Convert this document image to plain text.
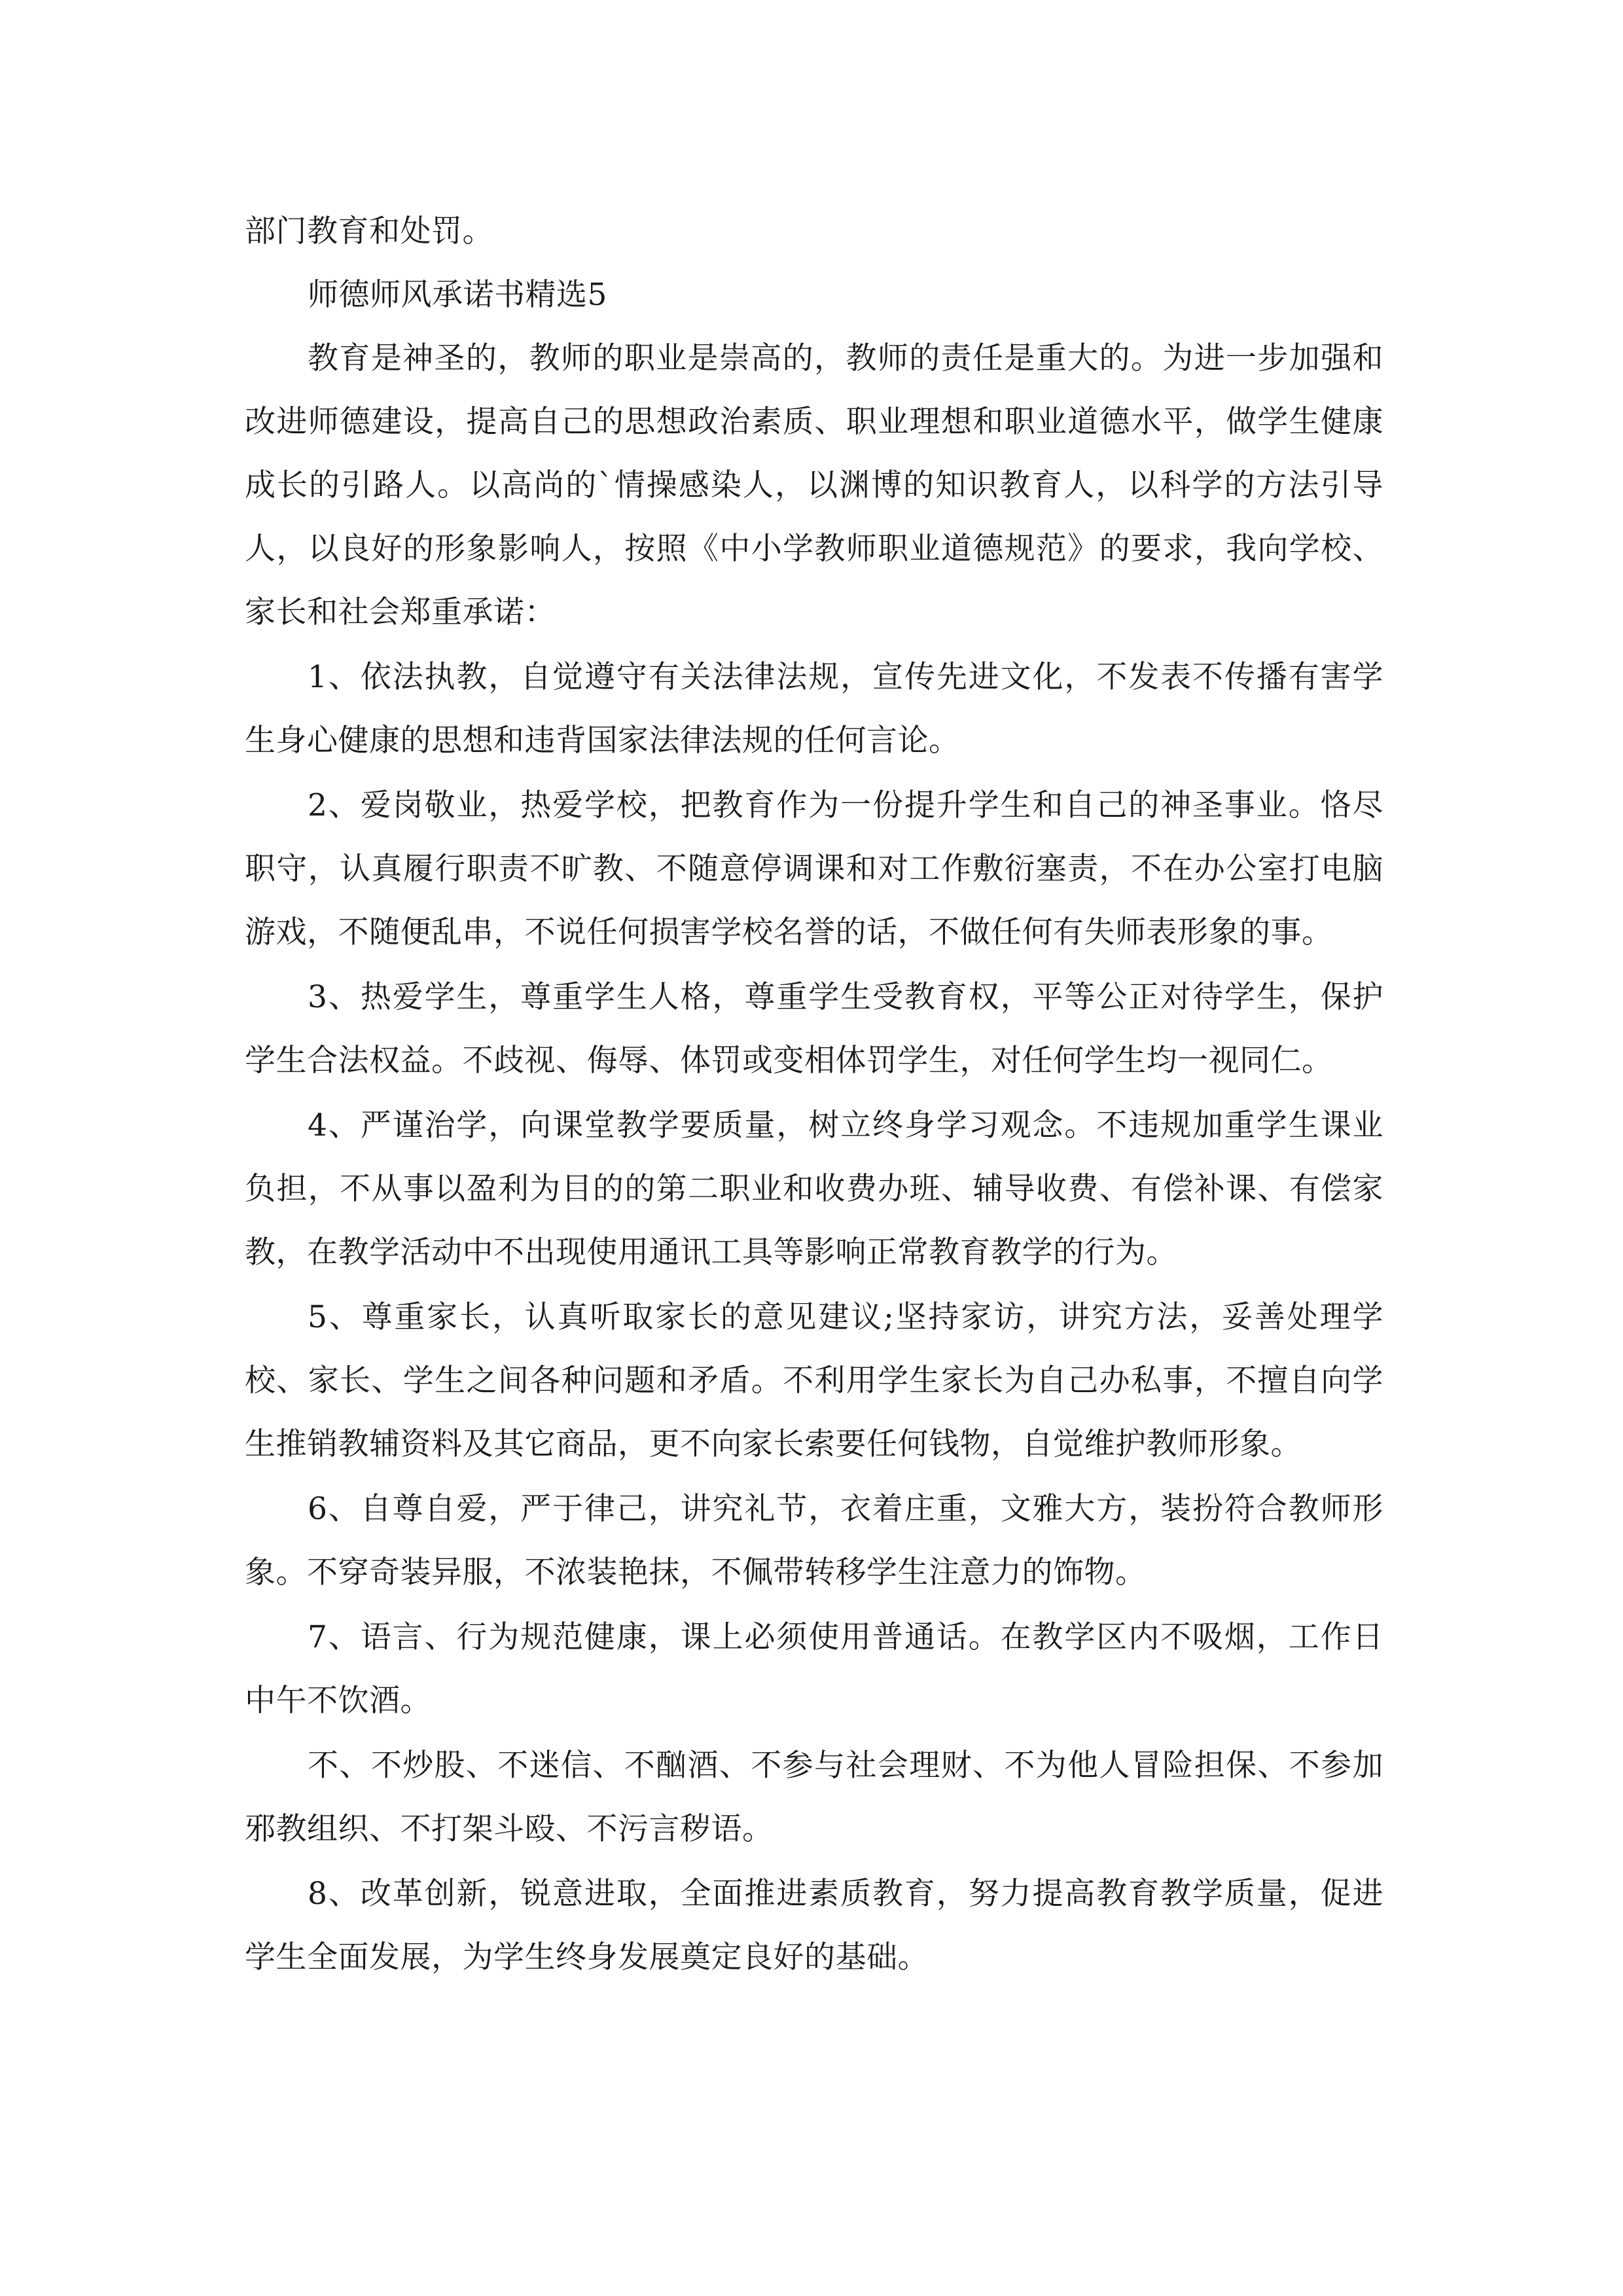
部门教育和处罚。

师德师风承诺书精选5

教育是神圣的，教师的职业是崇高的，教师的责任是重大的。为进一步加强和改进师德建设，提高自己的思想政治素质、职业理想和职业道德水平，做学生健康成长的引路人。以高尚的`情操感染人，以渊博的知识教育人，以科学的方法引导人，以良好的形象影响人，按照《中小学教师职业道德规范》的要求，我向学校、家长和社会郑重承诺：

1、依法执教，自觉遵守有关法律法规，宣传先进文化，不发表不传播有害学生身心健康的思想和违背国家法律法规的任何言论。

2、爱岗敬业，热爱学校，把教育作为一份提升学生和自己的神圣事业。恪尽职守，认真履行职责不旷教、不随意停调课和对工作敷衍塞责，不在办公室打电脑游戏，不随便乱串，不说任何损害学校名誉的话，不做任何有失师表形象的事。

3、热爱学生，尊重学生人格，尊重学生受教育权，平等公正对待学生，保护学生合法权益。不歧视、侮辱、体罚或变相体罚学生，对任何学生均一视同仁。

4、严谨治学，向课堂教学要质量，树立终身学习观念。不违规加重学生课业负担，不从事以盈利为目的的第二职业和收费办班、辅导收费、有偿补课、有偿家教，在教学活动中不出现使用通讯工具等影响正常教育教学的行为。

5、尊重家长，认真听取家长的意见建议;坚持家访，讲究方法，妥善处理学校、家长、学生之间各种问题和矛盾。不利用学生家长为自己办私事，不擅自向学生推销教辅资料及其它商品，更不向家长索要任何钱物，自觉维护教师形象。

6、自尊自爱，严于律己，讲究礼节，衣着庄重，文雅大方，装扮符合教师形象。不穿奇装异服，不浓装艳抹，不佩带转移学生注意力的饰物。

7、语言、行为规范健康，课上必须使用普通话。在教学区内不吸烟，工作日中午不饮酒。

不、不炒股、不迷信、不酗酒、不参与社会理财、不为他人冒险担保、不参加邪教组织、不打架斗殴、不污言秽语。

8、改革创新，锐意进取，全面推进素质教育，努力提高教育教学质量，促进学生全面发展，为学生终身发展奠定良好的基础。
